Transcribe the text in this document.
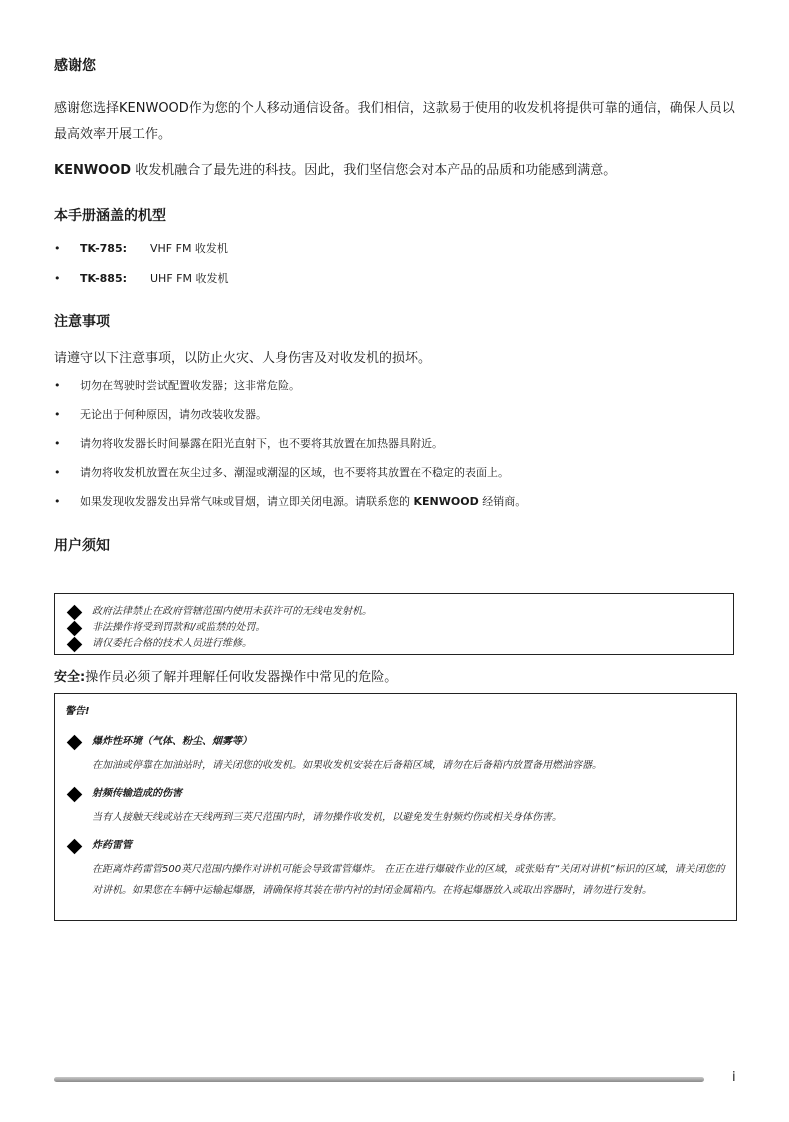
感谢您

感谢您选择KENWOOD作为您的个人移动通信设备。我们相信，这款易于使用的收发机将提供可靠的通信，确保人员以最高效率开展工作。

KENWOOD 收发机融合了最先进的科技。因此，我们坚信您会对本产品的品质和功能感到满意。

本手册涵盖的机型
• TK-785: VHF FM 收发机
• TK-885: UHF FM 收发机
注意事项

请遵守以下注意事项，以防止火灾、人身伤害及对收发机的损坏。

• 切勿在驾驶时尝试配置收发器；这非常危险。
• 无论出于何种原因，请勿改装收发器。
• 请勿将收发器长时间暴露在阳光直射下，也不要将其放置在加热器具附近。
• 请勿将收发机放置在灰尘过多、潮湿或潮湿的区域，也不要将其放置在不稳定的表面上。
• 如果发现收发器发出异常气味或冒烟，请立即关闭电源。请联系您的 KENWOOD 经销商。
用户须知
政府法律禁止在政府管辖范围内使用未获许可的无线电发射机。
非法操作将受到罚款和/或监禁的处罚。
请仅委托合格的技术人员进行维修。
安全:操作员必须了解并理解任何收发器操作中常见的危险。
警告!
爆炸性环境（气体、粉尘、烟雾等）
在加油或停靠在加油站时，请关闭您的收发机。如果收发机安装在后备箱区域，请勿在后备箱内放置备用燃油容器。
射频传输造成的伤害
当有人接触天线或站在天线两到三英尺范围内时，请勿操作收发机，以避免发生射频灼伤或相关身体伤害。
炸药雷管
在距离炸药雷管500英尺范围内操作对讲机可能会导致雷管爆炸。 在正在进行爆破作业的区域，或张贴有“关闭对讲机”标识的区域，请关闭您的对讲机。如果您在车辆中运输起爆器，请确保将其装在带内衬的封闭金属箱内。在将起爆器放入或取出容器时，请勿进行发射。
i
